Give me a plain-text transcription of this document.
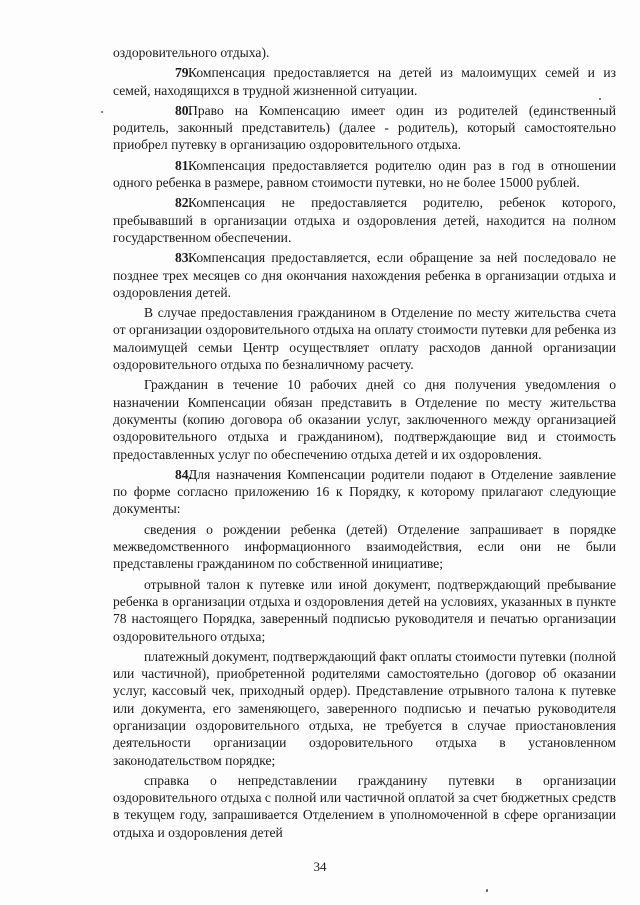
оздоровительного отдыха).

79.Компенсация предоставляется на детей из малоимущих семей и из семей, находящихся в трудной жизненной ситуации.

80.Право на Компенсацию имеет один из родителей (единственный родитель, законный представитель) (далее - родитель), который самостоятельно приобрел путевку в организацию оздоровительного отдыха.

81.Компенсация предоставляется родителю один раз в год в отношении одного ребенка в размере, равном стоимости путевки, но не более 15000 рублей.

82.Компенсация не предоставляется родителю, ребенок которого, пребывавший в организации отдыха и оздоровления детей, находится на полном государственном обеспечении.

83.Компенсация предоставляется, если обращение за ней последовало не позднее трех месяцев со дня окончания нахождения ребенка в организации отдыха и оздоровления детей.

В случае предоставления гражданином в Отделение по месту жительства счета от организации оздоровительного отдыха на оплату стоимости путевки для ребенка из малоимущей семьи Центр осуществляет оплату расходов данной организации оздоровительного отдыха по безналичному расчету.

Гражданин в течение 10 рабочих дней со дня получения уведомления о назначении Компенсации обязан представить в Отделение по месту жительства документы (копию договора об оказании услуг, заключенного между организацией оздоровительного отдыха и гражданином), подтверждающие вид и стоимость предоставленных услуг по обеспечению отдыха детей и их оздоровления.

84.Для назначения Компенсации родители подают в Отделение заявление по форме согласно приложению 16 к Порядку, к которому прилагают следующие документы:

сведения о рождении ребенка (детей) Отделение запрашивает в порядке межведомственного информационного взаимодействия, если они не были представлены гражданином по собственной инициативе;

отрывной талон к путевке или иной документ, подтверждающий пребывание ребенка в организации отдыха и оздоровления детей на условиях, указанных в пункте 78 настоящего Порядка, заверенный подписью руководителя и печатью организации оздоровительного отдыха;

платежный документ, подтверждающий факт оплаты стоимости путевки (полной или частичной), приобретенной родителями самостоятельно (договор об оказании услуг, кассовый чек, приходный ордер). Представление отрывного талона к путевке или документа, его заменяющего, заверенного подписью и печатью руководителя организации оздоровительного отдыха, не требуется в случае приостановления деятельности организации оздоровительного отдыха в установленном законодательством порядке;

справка о непредставлении гражданину путевки в организации оздоровительного отдыха с полной или частичной оплатой за счет бюджетных средств в текущем году, запрашивается Отделением в уполномоченной в сфере организации отдыха и оздоровления детей

34
